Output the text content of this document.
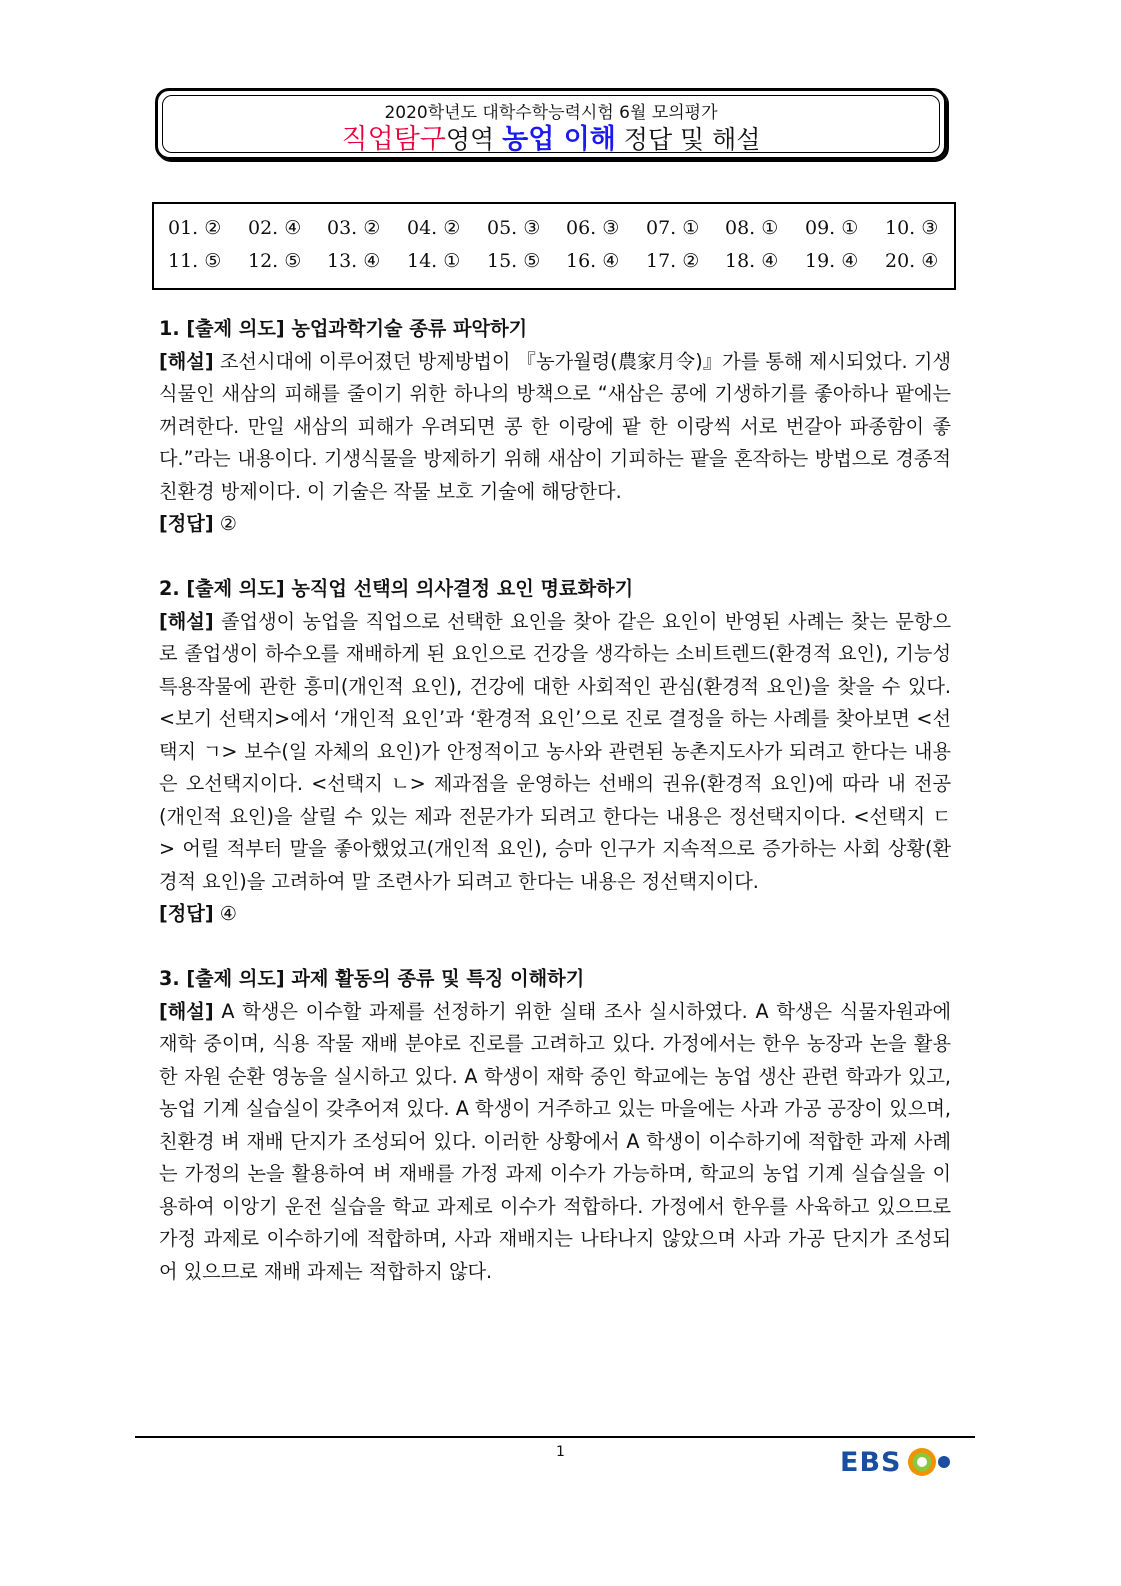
2020학년도 대학수학능력시험 6월 모의평가
직업탐구영역 농업 이해 정답 및 해설
01. ② 02. ④ 03. ② 04. ② 05. ③ 06. ③ 07. ① 08. ① 09. ① 10. ③
11. ⑤ 12. ⑤ 13. ④ 14. ① 15. ⑤ 16. ④ 17. ② 18. ④ 19. ④ 20. ④

1. [출제 의도] 농업과학기술 종류 파악하기

[해설] 조선시대에 이루어졌던 방제방법이 『농가월령(農家月令)』가를 통해 제시되었다. 기생식물인 새삼의 피해를 줄이기 위한 하나의 방책으로 “새삼은 콩에 기생하기를 좋아하나 팥에는 꺼려한다. 만일 새삼의 피해가 우려되면 콩 한 이랑에 팥 한 이랑씩 서로 번갈아 파종함이 좋다.”라는 내용이다. 기생식물을 방제하기 위해 새삼이 기피하는 팥을 혼작하는 방법으로 경종적 친환경 방제이다. 이 기술은 작물 보호 기술에 해당한다.

[정답] ②

2. [출제 의도] 농직업 선택의 의사결정 요인 명료화하기

[해설] 졸업생이 농업을 직업으로 선택한 요인을 찾아 같은 요인이 반영된 사례는 찾는 문항으로 졸업생이 하수오를 재배하게 된 요인으로 건강을 생각하는 소비트렌드(환경적 요인), 기능성 특용작물에 관한 흥미(개인적 요인), 건강에 대한 사회적인 관심(환경적 요인)을 찾을 수 있다. <보기 선택지>에서 ‘개인적 요인’과 ‘환경적 요인’으로 진로 결정을 하는 사례를 찾아보면 <선택지 ㄱ> 보수(일 자체의 요인)가 안정적이고 농사와 관련된 농촌지도사가 되려고 한다는 내용은 오선택지이다. <선택지 ㄴ> 제과점을 운영하는 선배의 권유(환경적 요인)에 따라 내 전공(개인적 요인)을 살릴 수 있는 제과 전문가가 되려고 한다는 내용은 정선택지이다. <선택지 ㄷ> 어릴 적부터 말을 좋아했었고(개인적 요인), 승마 인구가 지속적으로 증가하는 사회 상황(환경적 요인)을 고려하여 말 조련사가 되려고 한다는 내용은 정선택지이다.

[정답] ④

3. [출제 의도] 과제 활동의 종류 및 특징 이해하기

[해설] A 학생은 이수할 과제를 선정하기 위한 실태 조사 실시하였다. A 학생은 식물자원과에 재학 중이며, 식용 작물 재배 분야로 진로를 고려하고 있다. 가정에서는 한우 농장과 논을 활용한 자원 순환 영농을 실시하고 있다. A 학생이 재학 중인 학교에는 농업 생산 관련 학과가 있고, 농업 기계 실습실이 갖추어져 있다. A 학생이 거주하고 있는 마을에는 사과 가공 공장이 있으며, 친환경 벼 재배 단지가 조성되어 있다. 이러한 상황에서 A 학생이 이수하기에 적합한 과제 사례는 가정의 논을 활용하여 벼 재배를 가정 과제 이수가 가능하며, 학교의 농업 기계 실습실을 이용하여 이앙기 운전 실습을 학교 과제로 이수가 적합하다. 가정에서 한우를 사육하고 있으므로 가정 과제로 이수하기에 적합하며, 사과 재배지는 나타나지 않았으며 사과 가공 단지가 조성되어 있으므로 재배 과제는 적합하지 않다.

1	EBS
